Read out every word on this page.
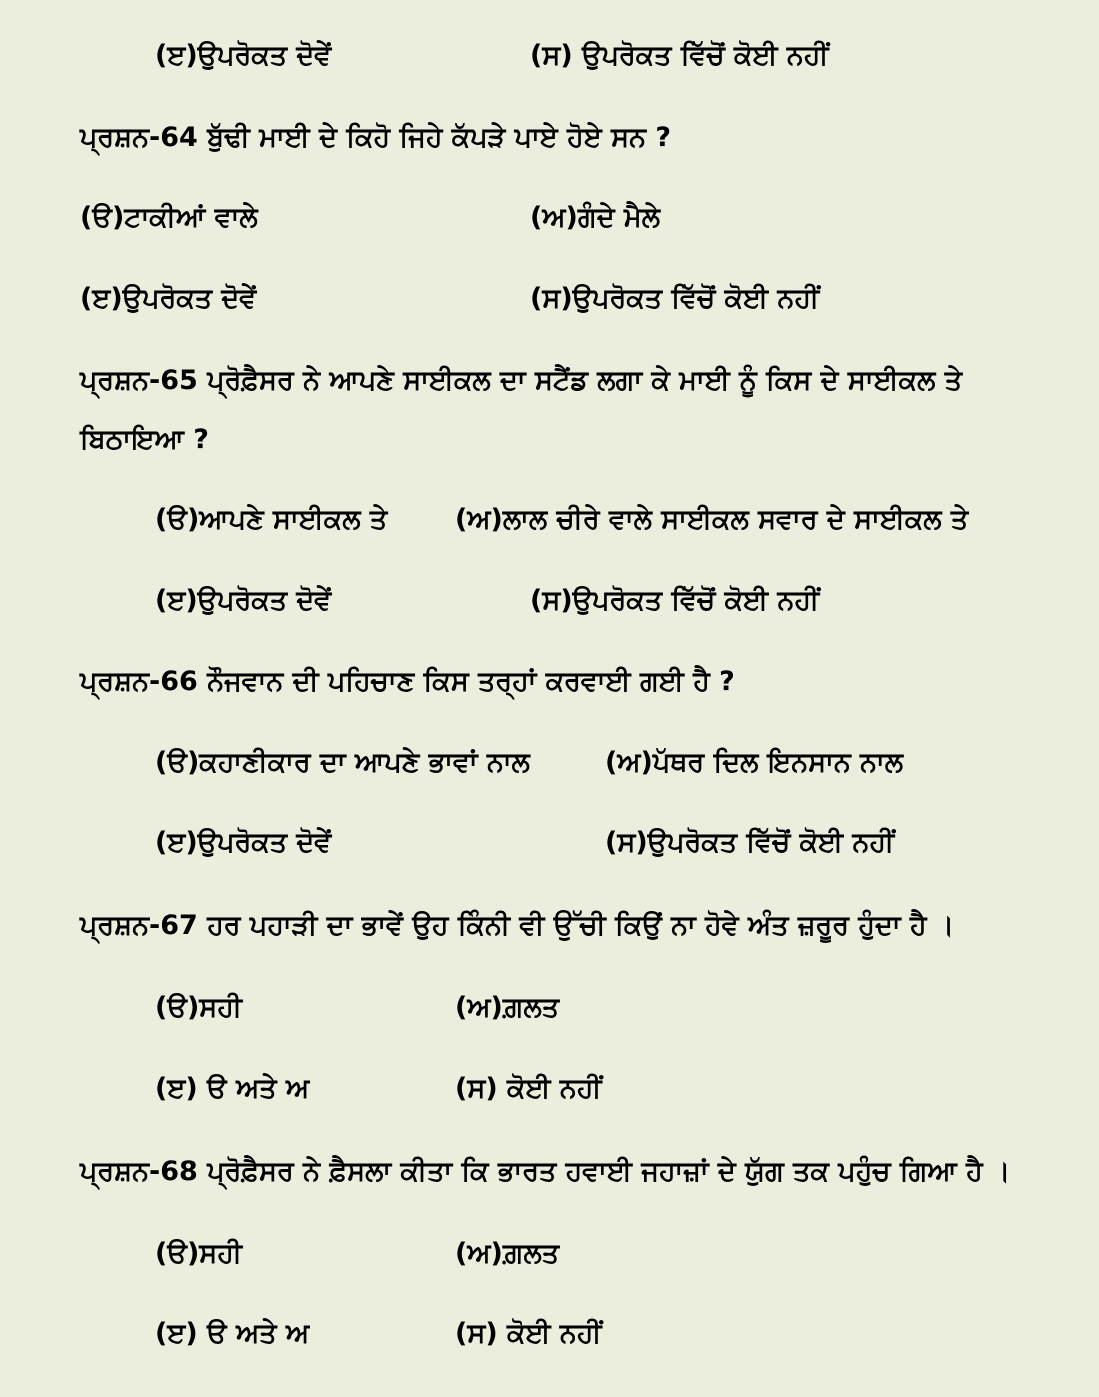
(ੲ)ਉਪਰੋਕਤ ਦੋਵੇਂ	(ਸ) ਉਪਰੋਕਤ ਵਿੱਚੋਂ ਕੋਈ ਨਹੀਂ
ਪ੍ਰਸ਼ਨ-64 ਬੁੱਢੀ ਮਾਈ ਦੇ ਕਿਹੋ ਜਿਹੇ ਕੱਪੜੇ ਪਾਏ ਹੋਏ ਸਨ ?
(ੳ)ਟਾਕੀਆਂ ਵਾਲੇ	(ਅ)ਗੰਦੇ ਮੈਲੇ
(ੲ)ਉਪਰੋਕਤ ਦੋਵੇਂ	(ਸ)ਉਪਰੋਕਤ ਵਿੱਚੋਂ ਕੋਈ ਨਹੀਂ
ਪ੍ਰਸ਼ਨ-65 ਪ੍ਰੋਫ਼ੈਸਰ ਨੇ ਆਪਣੇ ਸਾਈਕਲ ਦਾ ਸਟੈਂਡ ਲਗਾ ਕੇ ਮਾਈ ਨੂੰ ਕਿਸ ਦੇ ਸਾਈਕਲ ਤੇ
ਬਿਠਾਇਆ ?
(ੳ)ਆਪਣੇ ਸਾਈਕਲ ਤੇ	(ਅ)ਲਾਲ ਚੀਰੇ ਵਾਲੇ ਸਾਈਕਲ ਸਵਾਰ ਦੇ ਸਾਈਕਲ ਤੇ
(ੲ)ਉਪਰੋਕਤ ਦੋਵੇਂ	(ਸ)ਉਪਰੋਕਤ ਵਿੱਚੋਂ ਕੋਈ ਨਹੀਂ
ਪ੍ਰਸ਼ਨ-66 ਨੌਜਵਾਨ ਦੀ ਪਹਿਚਾਣ ਕਿਸ ਤਰ੍ਹਾਂ ਕਰਵਾਈ ਗਈ ਹੈ ?
(ੳ)ਕਹਾਣੀਕਾਰ ਦਾ ਆਪਣੇ ਭਾਵਾਂ ਨਾਲ	(ਅ)ਪੱਥਰ ਦਿਲ ਇਨਸਾਨ ਨਾਲ
(ੲ)ਉਪਰੋਕਤ ਦੋਵੇਂ	(ਸ)ਉਪਰੋਕਤ ਵਿੱਚੋਂ ਕੋਈ ਨਹੀਂ
ਪ੍ਰਸ਼ਨ-67 ਹਰ ਪਹਾੜੀ ਦਾ ਭਾਵੇਂ ਉਹ ਕਿੰਨੀ ਵੀ ਉੱਚੀ ਕਿਉਂ ਨਾ ਹੋਵੇ ਅੰਤ ਜ਼ਰੂਰ ਹੁੰਦਾ ਹੈ ।
(ੳ)ਸਹੀ	(ਅ)ਗ਼ਲਤ
(ੲ) ੳ ਅਤੇ ਅ	(ਸ) ਕੋਈ ਨਹੀਂ
ਪ੍ਰਸ਼ਨ-68 ਪ੍ਰੋਫ਼ੈਸਰ ਨੇ ਫ਼ੈਸਲਾ ਕੀਤਾ ਕਿ ਭਾਰਤ ਹਵਾਈ ਜਹਾਜ਼ਾਂ ਦੇ ਯੁੱਗ ਤਕ ਪਹੁੰਚ ਗਿਆ ਹੈ ।
(ੳ)ਸਹੀ	(ਅ)ਗ਼ਲਤ
(ੲ) ੳ ਅਤੇ ਅ	(ਸ) ਕੋਈ ਨਹੀਂ
